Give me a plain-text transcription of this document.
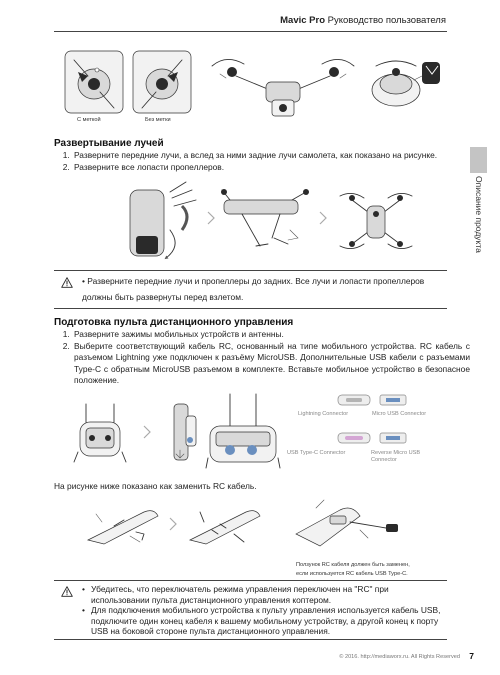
Mavic Pro Руководство пользователя
Описание продукта
С меткой	Без метки
Развертывание лучей
1. Разверните передние лучи, а вслед за ними задние лучи самолета, как показано на рисунке.
2. Разверните все лопасти пропеллеров.
• Разверните передние лучи и пропеллеры до задних. Все лучи и лопасти пропеллеров должны быть развернуты перед взлетом.
Подготовка пульта дистанционного управления
1. Разверните зажимы мобильных устройств и антенны.
2. Выберите соответствующий кабель RC, основанный на типе мобильного устройства. RC кабель с разъемом Lightning уже подключен к разъёму MicroUSB. Дополнительные USB кабели с разъемами Type-C с обратным MicroUSB разъемом в комплекте. Вставьте мобильное устройство в безопасное положение.
Lightning Connector	Micro USB Connector
USB Type-C Connector	Reverse Micro USB
Connector

На рисунке ниже показано как заменить RC кабель.

Ползунок RC кабеля должен быть заменен,
если используется RC кабель USB Type-C.
• Убедитесь, что переключатель режима управления переключен на "RC" при использовании пульта дистанционного управления коптером.
• Для подключения мобильного устройства к пульту управления используется кабель USB, подключите один конец кабеля к вашему мобильному устройству, а другой конец к порту USB на боковой стороне пульта дистанционного управления.
© 2016. http://mediaworx.ru. All Rights Reserved 7
